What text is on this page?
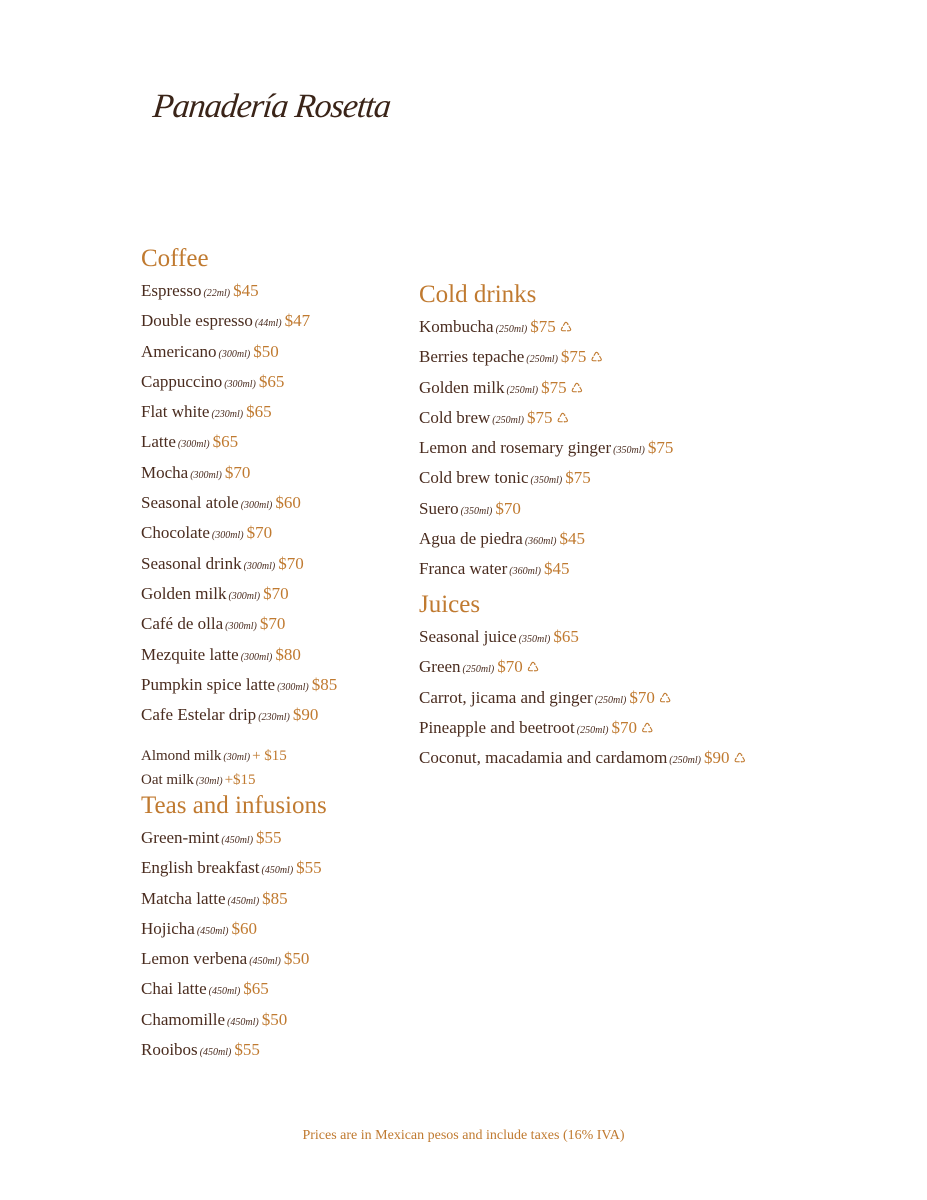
Panadería Rosetta
Coffee
Espresso (22ml) $45
Double espresso (44ml) $47
Americano (300ml) $50
Cappuccino (300ml) $65
Flat white (230ml) $65
Latte (300ml) $65
Mocha (300ml) $70
Seasonal atole (300ml) $60
Chocolate (300ml) $70
Seasonal drink (300ml) $70
Golden milk (300ml) $70
Café de olla (300ml) $70
Mezquite latte (300ml) $80
Pumpkin spice latte (300ml) $85
Cafe Estelar drip (230ml) $90
Almond milk (30ml) + $15
Oat milk (30ml) +$15
Teas and infusions
Green-mint (450ml) $55
English breakfast (450ml) $55
Matcha latte (450ml) $85
Hojicha (450ml) $60
Lemon verbena (450ml) $50
Chai latte (450ml) $65
Chamomille (450ml) $50
Rooibos (450ml) $55
Cold drinks
Kombucha (250ml) $75 ♺
Berries tepache (250ml) $75 ♺
Golden milk (250ml) $75 ♺
Cold brew (250ml) $75 ♺
Lemon and rosemary ginger (350ml) $75
Cold brew tonic (350ml) $75
Suero (350ml) $70
Agua de piedra (360ml) $45
Franca water (360ml) $45
Juices
Seasonal juice (350ml) $65
Green (250ml) $70 ♺
Carrot, jicama and ginger (250ml) $70 ♺
Pineapple and beetroot (250ml) $70 ♺
Coconut, macadamia and cardamom (250ml) $90 ♺
Prices are in Mexican pesos and include taxes (16% IVA)
